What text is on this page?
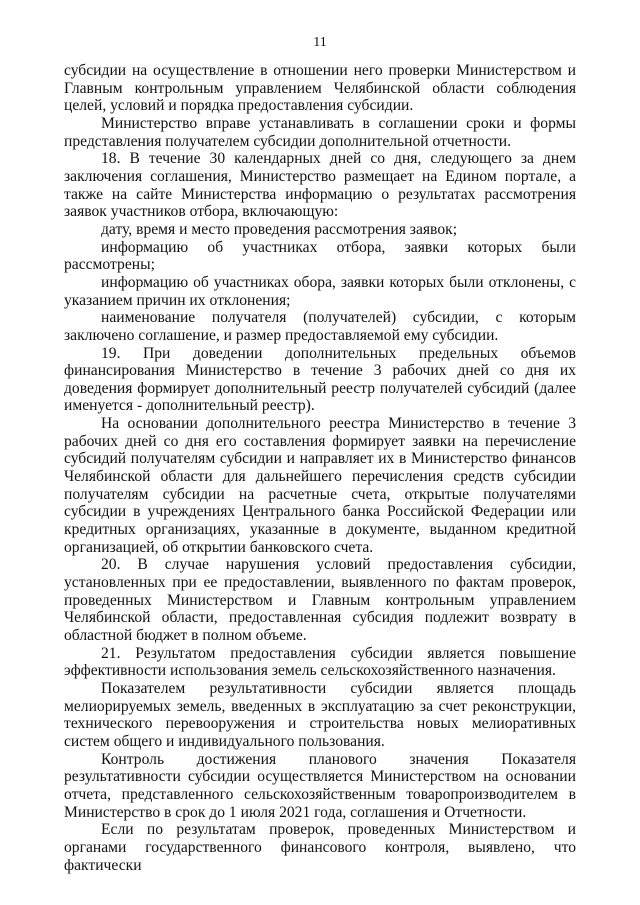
11

субсидии на осуществление в отношении него проверки Министерством и Главным контрольным управлением Челябинской области соблюдения целей, условий и порядка предоставления субсидии.

Министерство вправе устанавливать в соглашении сроки и формы представления получателем субсидии дополнительной отчетности.

18. В течение 30 календарных дней со дня, следующего за днем заключения соглашения, Министерство размещает на Едином портале, а также на сайте Министерства информацию о результатах рассмотрения заявок участников отбора, включающую:

дату, время и место проведения рассмотрения заявок;

информацию об участниках отбора, заявки которых были рассмотрены;

информацию об участниках обора, заявки которых были отклонены, с указанием причин их отклонения;

наименование получателя (получателей) субсидии, с которым заключено соглашение, и размер предоставляемой ему субсидии.

19. При доведении дополнительных предельных объемов финансирования Министерство в течение 3 рабочих дней со дня их доведения формирует дополнительный реестр получателей субсидий (далее именуется - дополнительный реестр).

На основании дополнительного реестра Министерство в течение 3 рабочих дней со дня его составления формирует заявки на перечисление субсидий получателям субсидии и направляет их в Министерство финансов Челябинской области для дальнейшего перечисления средств субсидии получателям субсидии на расчетные счета, открытые получателями субсидии в учреждениях Центрального банка Российской Федерации или кредитных организациях, указанные в документе, выданном кредитной организацией, об открытии банковского счета.

20. В случае нарушения условий предоставления субсидии, установленных при ее предоставлении, выявленного по фактам проверок, проведенных Министерством и Главным контрольным управлением Челябинской области, предоставленная субсидия подлежит возврату в областной бюджет в полном объеме.

21. Результатом предоставления субсидии является повышение эффективности использования земель сельскохозяйственного назначения.

Показателем результативности субсидии является площадь мелиорируемых земель, введенных в эксплуатацию за счет реконструкции, технического перевооружения и строительства новых мелиоративных систем общего и индивидуального пользования.

Контроль достижения планового значения Показателя результативности субсидии осуществляется Министерством на основании отчета, представленного сельскохозяйственным товаропроизводителем в Министерство в срок до 1 июля 2021 года, соглашения и Отчетности.

Если по результатам проверок, проведенных Министерством и органами государственного финансового контроля, выявлено, что фактически
